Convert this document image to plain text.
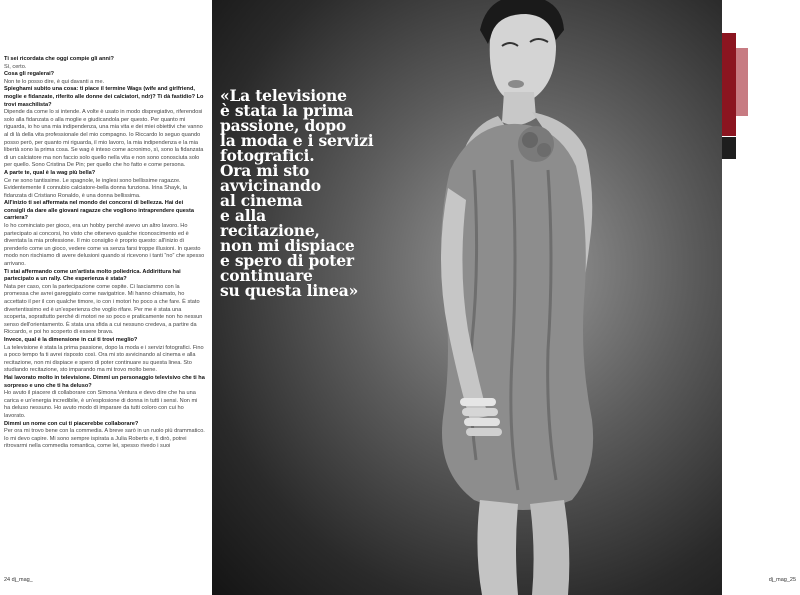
Ti sei ricordata che oggi compie gli anni?

Sì, certo.

Cosa gli regalerai?

Non te lo posso dire, è qui davanti a me.

Spieghami subito una cosa: ti piace il termine Wags (wife and girlfriend, moglie e fidanzate, riferito alle donne dei calciatori, ndr)? Ti dà fastidio? Lo trovi maschilista?

Dipende da come lo si intende. A volte è usato in modo dispregiativo, riferendosi solo alla fidanzata o alla moglie e giudicandola per questo. Per quanto mi riguarda, io ho una mia indipendenza, una mia vita e dei miei obiettivi che vanno al di là della vita professionale del mio compagno. Io Riccardo lo seguo quando posso però, per quanto mi riguarda, il mio lavoro, la mia indipendenza e la mia libertà sono la prima cosa. Se wag è inteso come acronimo, sì, sono la fidanzata di un calciatore ma non faccio solo quello nella vita e non sono conosciuta solo per quello. Sono Cristina De Pin; per quello che ho fatto e come persona.

A parte te, qual è la wag più bella?

Ce ne sono tantissime. Le spagnole, le inglesi sono bellissime ragazze. Evidentemente il connubio calciatore-bella donna funziona. Irina Shayk, la fidanzata di Cristiano Ronaldo, è una donna bellissima.

All'inizio ti sei affermata nel mondo dei concorsi di bellezza. Hai dei consigli da dare alle giovani ragazze che vogliono intraprendere questa carriera?

Io ho cominciato per gioco, era un hobby perché avevo un altro lavoro. Ho partecipato ai concorsi, ho visto che ottenevo qualche riconoscimento ed è diventata la mia professione. Il mio consiglio è proprio questo: all'inizio di prenderlo come un gioco, vedere come va senza farsi troppe illusioni. In questo modo non rischiamo di avere delusioni quando si ricevono i tanti “no” che spesso arrivano.

Ti stai affermando come un'artista molto poliedrica. Addirittura hai partecipato a un rally. Che esperienza è stata?

Nata per caso, con la partecipazione come ospite. Ci lasciammo con la promessa che avrei gareggiato come navigatrice. Mi hanno chiamato, ho accettato il per il con qualche timore, io con i motori ho poco a che fare. È stato divertentissimo ed è un'esperienza che voglio rifare. Per me è stata una scoperta, soprattutto perché di motori ne so poco e praticamente non ho nessun senso dell'orientamento. È stata una sfida a cui nessuno credeva, a partire da Riccardo, e poi ho scoperto di essere brava.

Invece, qual è la dimensione in cui ti trovi meglio?

La televisione è stata la prima passione, dopo la moda e i servizi fotografici. Fino a poco tempo fa ti avrei risposto così. Ora mi sto avvicinando al cinema e alla recitazione, non mi dispiace e spero di poter continuare su questa linea. Sto studiando recitazione, sto imparando ma mi trovo molto bene.

Hai lavorato molto in televisione. Dimmi un personaggio televisivo che ti ha sorpreso e uno che ti ha deluso?

Ho avuto il piacere di collaborare con Simona Ventura e devo dire che ha una carica e un'energia incredibile, è un'esplosione di donna in tutti i sensi. Non mi ha deluso nessuno. Ho avuto modo di imparare da tutti coloro con cui ho lavorato.

Dimmi un nome con cui ti piacerebbe collaborare?

Per ora mi trovo bene con la commedia. A breve sarò in un ruolo più drammatico. Io mi devo capire. Mi sono sempre ispirata a Julia Roberts e, ti dirò, potrei ritrovarmi nella commedia romantica, come lei, spesso rivedo i suoi

24 dj_mag_
«La televisione
è stata la prima
passione, dopo
la moda e i servizi
fotografici.
Ora mi sto
avvicinando
al cinema
e alla
recitazione,
non mi dispiace
e spero di poter
continuare
su questa linea»
dj_mag_25
